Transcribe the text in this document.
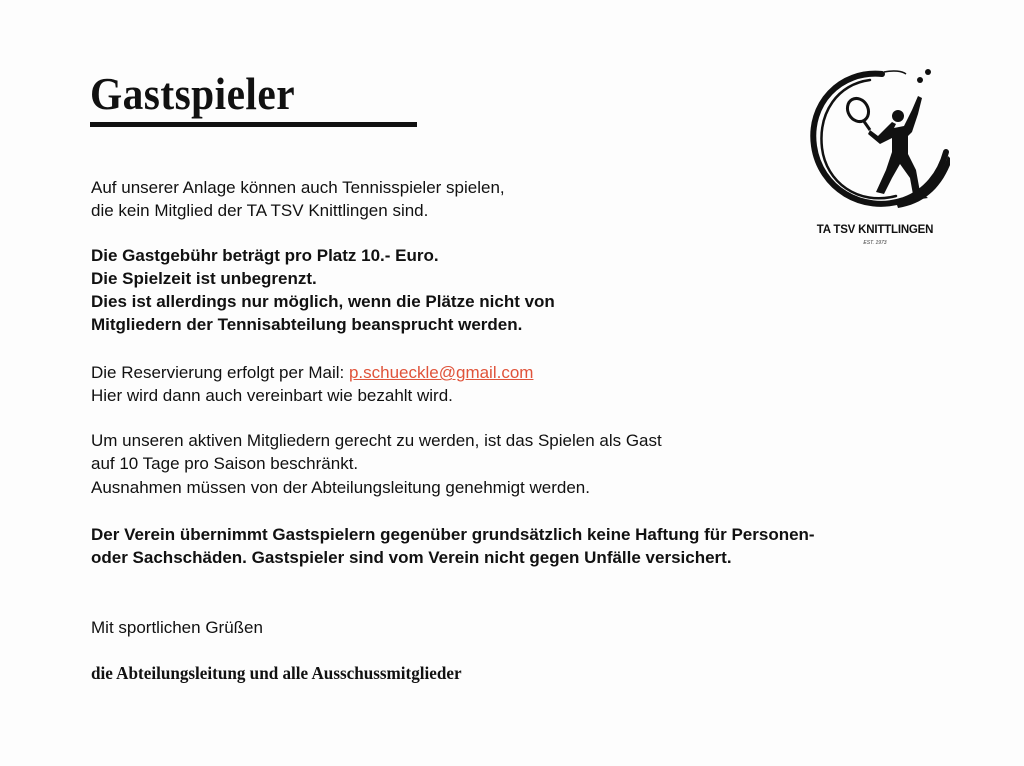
Gastspieler
TA TSV KNITTLINGEN
EST. 1973
Auf unserer Anlage können auch Tennisspieler spielen,
die kein Mitglied der TA TSV Knittlingen sind.
Die Gastgebühr beträgt pro Platz 10.- Euro.
Die Spielzeit ist unbegrenzt.
Dies ist allerdings nur möglich, wenn die Plätze nicht von
Mitgliedern der Tennisabteilung beansprucht werden.
Die Reservierung erfolgt per Mail: p.schueckle@gmail.com
Hier wird dann auch vereinbart wie bezahlt wird.
Um unseren aktiven Mitgliedern gerecht zu werden, ist das Spielen als Gast
auf 10 Tage pro Saison beschränkt.
Ausnahmen müssen von der Abteilungsleitung genehmigt werden.
Der Verein übernimmt Gastspielern gegenüber grundsätzlich keine Haftung für Personen-
oder Sachschäden. Gastspieler sind vom Verein nicht gegen Unfälle versichert.
Mit sportlichen Grüßen
die Abteilungsleitung und alle Ausschussmitglieder
